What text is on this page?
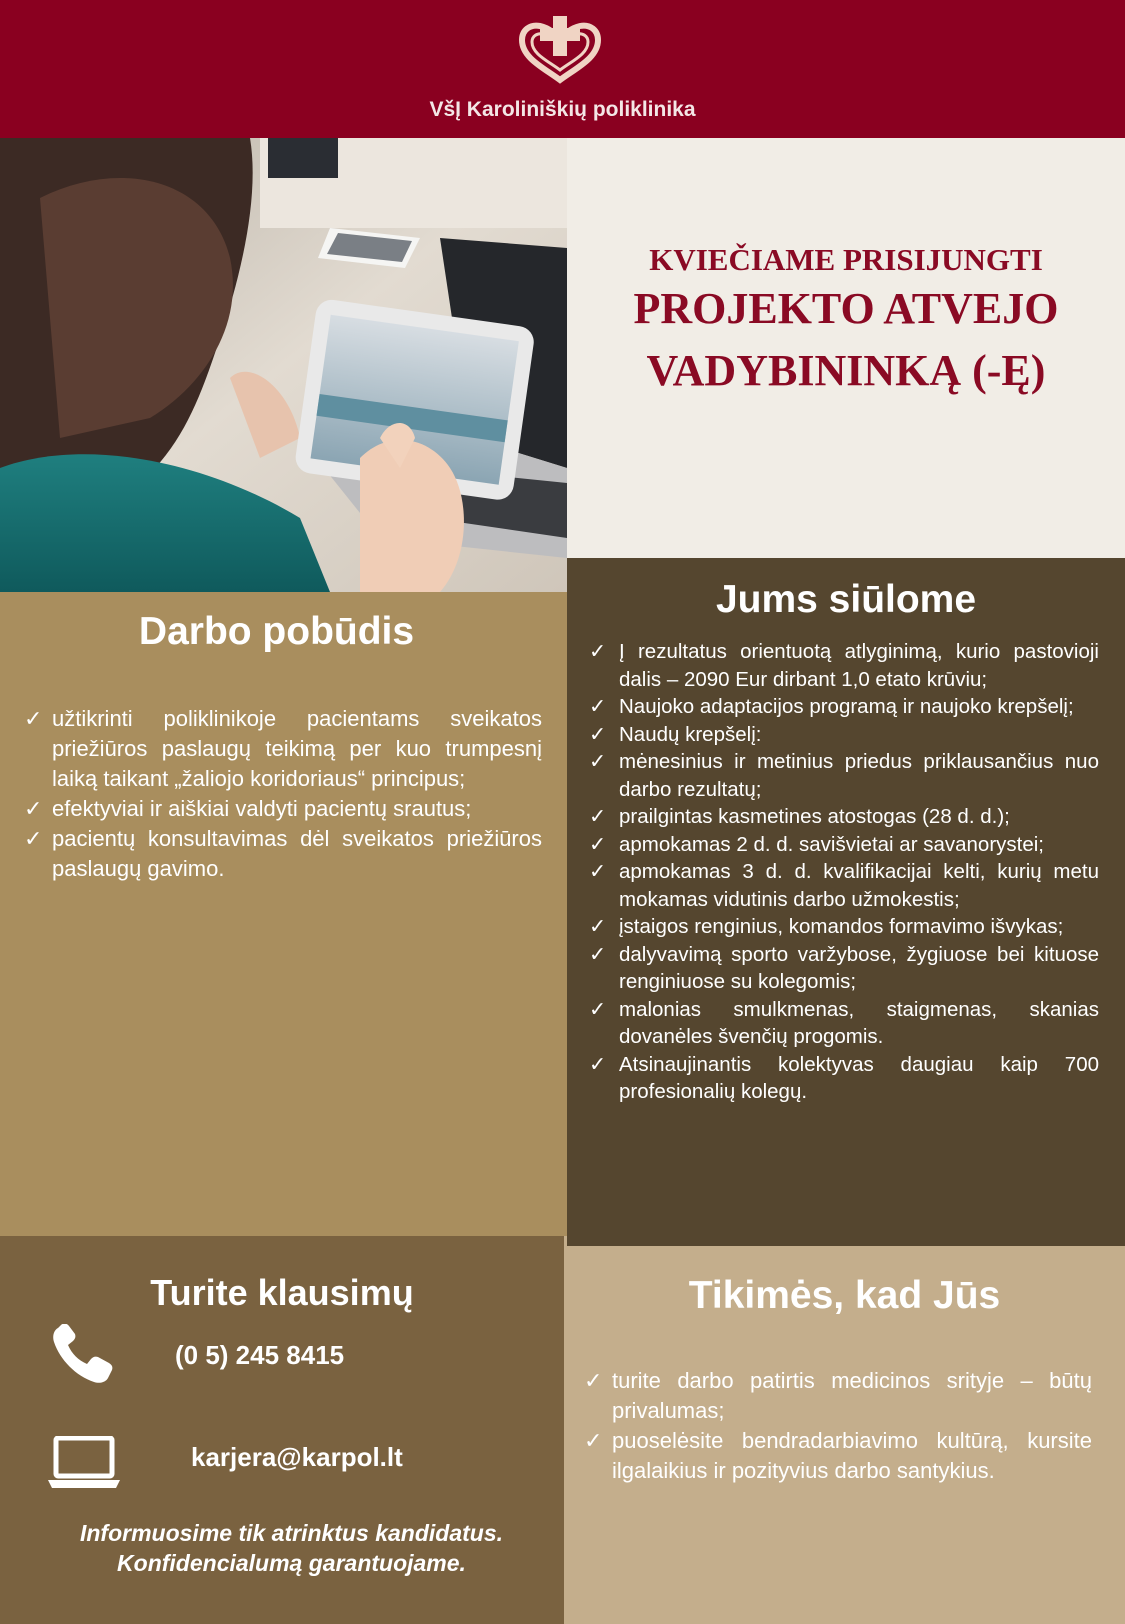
VšĮ Karoliniškių poliklinika
KVIEČIAME PRISIJUNGTI
PROJEKTO ATVEJO
VADYBININKĄ (-Ę)
Jums siūlome
✓ Į rezultatus orientuotą atlyginimą, kurio pastovioji dalis – 2090 Eur dirbant 1,0 etato krūviu;
✓ Naujoko adaptacijos programą ir naujoko krepšelį;
✓ Naudų krepšelį:
✓ mėnesinius ir metinius priedus priklausančius nuo darbo rezultatų;
✓ prailgintas kasmetines atostogas (28 d. d.);
✓ apmokamas 2 d. d. savišvietai ar savanorystei;
✓ apmokamas 3 d. d. kvalifikacijai kelti, kurių metu mokamas vidutinis darbo užmokestis;
✓ įstaigos renginius, komandos formavimo išvykas;
✓ dalyvavimą sporto varžybose, žygiuose bei kituose renginiuose su kolegomis;
✓ malonias smulkmenas, staigmenas, skanias dovanėles švenčių progomis.
✓ Atsinaujinantis kolektyvas daugiau kaip 700 profesionalių kolegų.
Darbo pobūdis
✓ užtikrinti poliklinikoje pacientams sveikatos priežiūros paslaugų teikimą per kuo trumpesnį laiką taikant „žaliojo koridoriaus“ principus;
✓ efektyviai ir aiškiai valdyti pacientų srautus;
✓ pacientų konsultavimas dėl sveikatos priežiūros paslaugų gavimo.
Turite klausimų
(0 5) 245 8415
karjera@karpol.lt
Informuosime tik atrinktus kandidatus.
Konfidencialumą garantuojame.
Tikimės, kad Jūs
✓ turite darbo patirtis medicinos srityje – būtų privalumas;
✓ puoselėsite bendradarbiavimo kultūrą, kursite ilgalaikius ir pozityvius darbo santykius.
